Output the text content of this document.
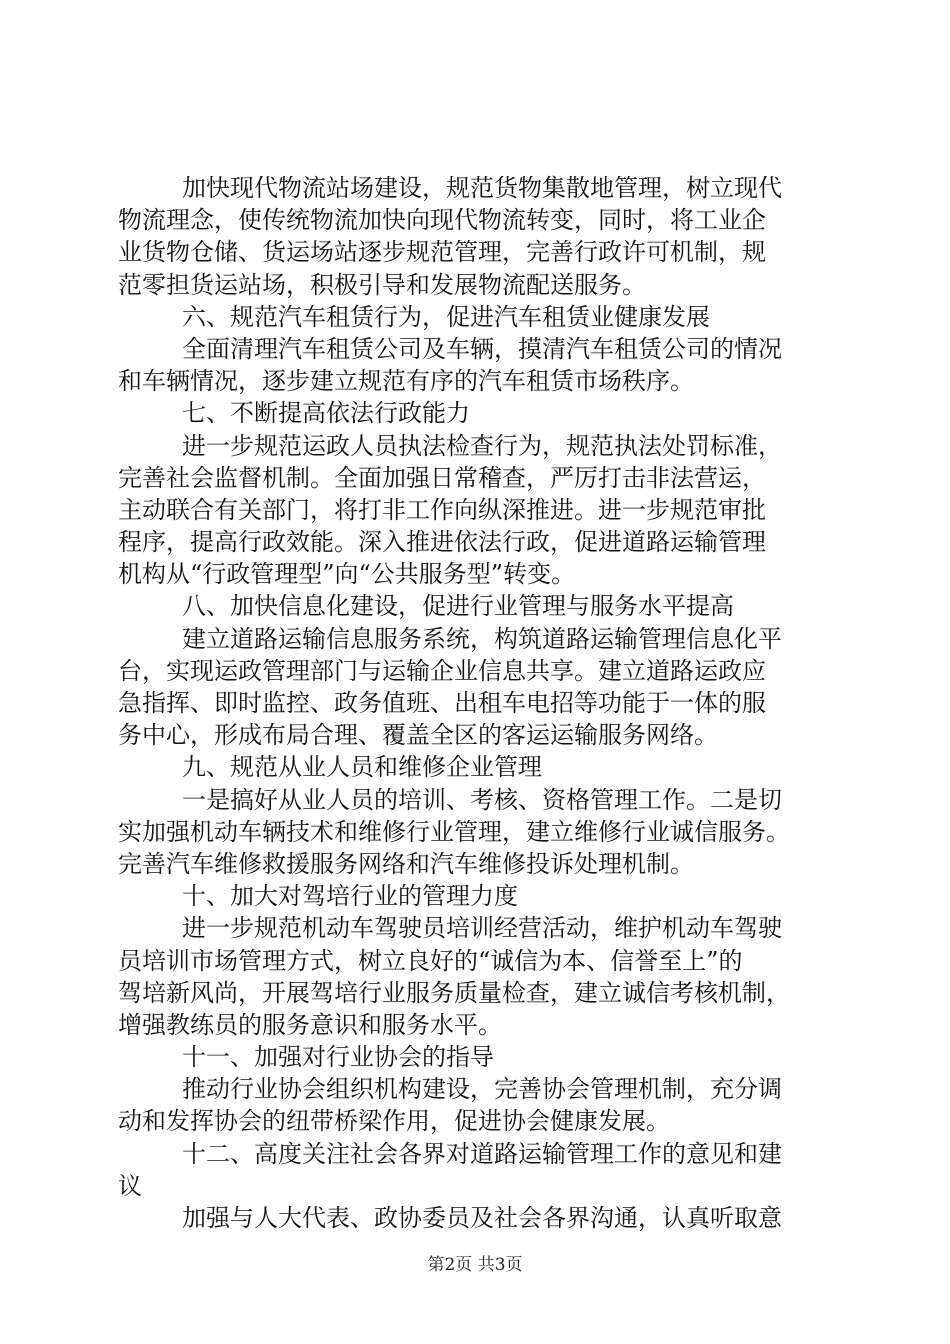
加快现代物流站场建设，规范货物集散地管理，树立现代
物流理念，使传统物流加快向现代物流转变，同时，将工业企
业货物仓储、货运场站逐步规范管理，完善行政许可机制，规
范零担货运站场，积极引导和发展物流配送服务。
六、规范汽车租赁行为，促进汽车租赁业健康发展
全面清理汽车租赁公司及车辆，摸清汽车租赁公司的情况
和车辆情况，逐步建立规范有序的汽车租赁市场秩序。
七、不断提高依法行政能力
进一步规范运政人员执法检查行为，规范执法处罚标准，
完善社会监督机制。全面加强日常稽查，严厉打击非法营运，
主动联合有关部门，将打非工作向纵深推进。进一步规范审批
程序，提高行政效能。深入推进依法行政，促进道路运输管理
机构从“行政管理型”向“公共服务型”转变。
八、加快信息化建设，促进行业管理与服务水平提高
建立道路运输信息服务系统，构筑道路运输管理信息化平
台，实现运政管理部门与运输企业信息共享。建立道路运政应
急指挥、即时监控、政务值班、出租车电招等功能于一体的服
务中心，形成布局合理、覆盖全区的客运运输服务网络。
九、规范从业人员和维修企业管理
一是搞好从业人员的培训、考核、资格管理工作。二是切
实加强机动车辆技术和维修行业管理，建立维修行业诚信服务。
完善汽车维修救援服务网络和汽车维修投诉处理机制。
十、加大对驾培行业的管理力度
进一步规范机动车驾驶员培训经营活动，维护机动车驾驶
员培训市场管理方式，树立良好的“诚信为本、信誉至上”的
驾培新风尚，开展驾培行业服务质量检查，建立诚信考核机制，
增强教练员的服务意识和服务水平。
十一、加强对行业协会的指导
推动行业协会组织机构建设，完善协会管理机制，充分调
动和发挥协会的纽带桥梁作用，促进协会健康发展。
十二、高度关注社会各界对道路运输管理工作的意见和建
议
加强与人大代表、政协委员及社会各界沟通，认真听取意
第2页 共3页
